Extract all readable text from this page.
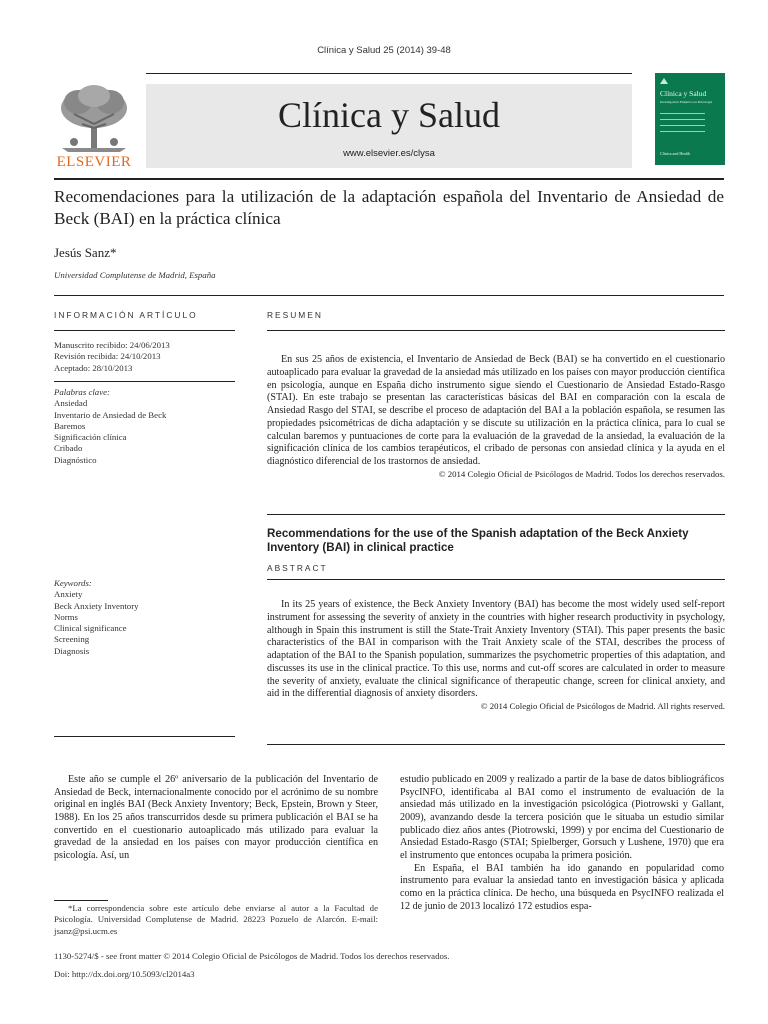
Clínica y Salud 25 (2014) 39-48
ELSEVIER
Clínica y Salud
www.elsevier.es/clysa
Clínica y Salud
Investigación Empírica en Psicología
Clínica and Health
Recomendaciones para la utilización de la adaptación española del Inventario de Ansiedad de Beck (BAI) en la práctica clínica
Jesús Sanz*
Universidad Complutense de Madrid, España
INFORMACIÓN ARTÍCULO
Manuscrito recibido: 24/06/2013
Revisión recibida: 24/10/2013
Aceptado: 28/10/2013
Palabras clave:
Ansiedad
Inventario de Ansiedad de Beck
Baremos
Significación clínica
Cribado
Diagnóstico
Keywords:
Anxiety
Beck Anxiety Inventory
Norms
Clinical significance
Screening
Diagnosis
RESUMEN

En sus 25 años de existencia, el Inventario de Ansiedad de Beck (BAI) se ha convertido en el cuestionario autoaplicado para evaluar la gravedad de la ansiedad más utilizado en los países con mayor producción científica en psicología, aunque en España dicho instrumento sigue siendo el Cuestionario de Ansiedad Estado-Rasgo (STAI). En este trabajo se presentan las características básicas del BAI en comparación con la escala de Ansiedad Rasgo del STAI, se describe el proceso de adaptación del BAI a la población española, se resumen las propiedades psicométricas de dicha adaptación y se discute su utilización en la práctica clínica, para lo cual se calculan baremos y puntuaciones de corte para la evaluación de la gravedad de la ansiedad, la evaluación de la significación clínica de los cambios terapéuticos, el cribado de personas con ansiedad clínica y la ayuda en el diagnóstico diferencial de los trastornos de ansiedad.

© 2014 Colegio Oficial de Psicólogos de Madrid. Todos los derechos reservados.
Recommendations for the use of the Spanish adaptation of the Beck Anxiety Inventory (BAI) in clinical practice
ABSTRACT

In its 25 years of existence, the Beck Anxiety Inventory (BAI) has become the most widely used self-report instrument for assessing the severity of anxiety in the countries with higher research productivity in psychology, although in Spain this instrument is still the State-Trait Anxiety Inventory (STAI). This paper presents the basic characteristics of the BAI in comparison with the Trait Anxiety scale of the STAI, describes the process of adaptation of the BAI to the Spanish population, summarizes the psychometric properties of this adaptation, and discusses its use in the clinical practice. To this use, norms and cut-off scores are calculated in order to measure the severity of anxiety, evaluate the clinical significance of therapeutic change, screen for clinical anxiety, and aid in the differential diagnosis of anxiety disorders.

© 2014 Colegio Oficial de Psicólogos de Madrid. All rights reserved.

Este año se cumple el 26º aniversario de la publicación del Inventario de Ansiedad de Beck, internacionalmente conocido por el acrónimo de su nombre original en inglés BAI (Beck Anxiety Inventory; Beck, Epstein, Brown y Steer, 1988). En los 25 años transcurridos desde su primera publicación el BAI se ha convertido en el cuestionario autoaplicado más utilizado para evaluar la gravedad de la ansiedad en los países con mayor producción científica en psicología. Así, un

*La correspondencia sobre este artículo debe enviarse al autor a la Facultad de Psicología. Universidad Complutense de Madrid. 28223 Pozuelo de Alarcón. E-mail: jsanz@psi.ucm.es

estudio publicado en 2009 y realizado a partir de la base de datos bibliográficos PsycINFO, identificaba al BAI como el instrumento de evaluación de la ansiedad más utilizado en la investigación psicológica (Piotrowski y Gallant, 2009), avanzando desde la tercera posición que le situaba un estudio similar publicado diez años antes (Piotrowski, 1999) y por encima del Cuestionario de Ansiedad Estado-Rasgo (STAI; Spielberger, Gorsuch y Lushene, 1970) que era el instrumento que entonces ocupaba la primera posición.

En España, el BAI también ha ido ganando en popularidad como instrumento para evaluar la ansiedad tanto en investigación básica y aplicada como en la práctica clínica. De hecho, una búsqueda en PsycINFO realizada el 12 de junio de 2013 localizó 172 estudios espa-

1130-5274/$ - see front matter © 2014 Colegio Oficial de Psicólogos de Madrid. Todos los derechos reservados.
Doi: http://dx.doi.org/10.5093/cl2014a3
